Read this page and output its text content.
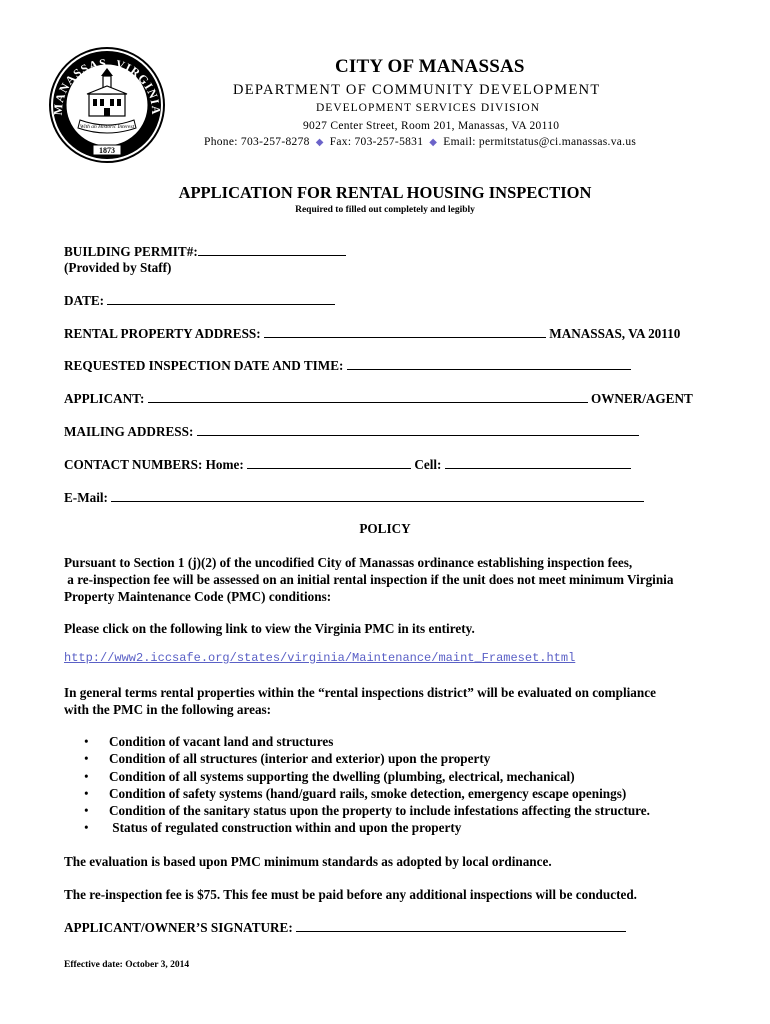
MANASSAS, VIRGINIA
With an Historic Interest
★	★
1873
CITY OF MANASSAS
DEPARTMENT OF COMMUNITY DEVELOPMENT
DEVELOPMENT SERVICES DIVISION
9027 Center Street, Room 201, Manassas, VA 20110
Phone: 703-257-8278 ◆ Fax: 703-257-5831 ◆ Email: permitstatus@ci.manassas.va.us
APPLICATION FOR RENTAL HOUSING INSPECTION
Required to filled out completely and legibly
BUILDING PERMIT#:
(Provided by Staff)
DATE:
RENTAL PROPERTY ADDRESS:	MANASSAS, VA 20110
REQUESTED INSPECTION DATE AND TIME:
APPLICANT:	OWNER/AGENT
MAILING ADDRESS:
CONTACT NUMBERS: Home:	Cell:
E-Mail:
POLICY
Pursuant to Section 1 (j)(2) of the uncodified City of Manassas ordinance establishing inspection fees,
a re-inspection fee will be assessed on an initial rental inspection if the unit does not meet minimum Virginia
Property Maintenance Code (PMC) conditions:
Please click on the following link to view the Virginia PMC in its entirety.
http://www2.iccsafe.org/states/virginia/Maintenance/maint_Frameset.html
In general terms rental properties within the “rental inspections district” will be evaluated on compliance
with the PMC in the following areas:
• Condition of vacant land and structures
• Condition of all structures (interior and exterior) upon the property
• Condition of all systems supporting the dwelling (plumbing, electrical, mechanical)
• Condition of safety systems (hand/guard rails, smoke detection, emergency escape openings)
• Condition of the sanitary status upon the property to include infestations affecting the structure.
•  Status of regulated construction within and upon the property
The evaluation is based upon PMC minimum standards as adopted by local ordinance.
The re-inspection fee is $75. This fee must be paid before any additional inspections will be conducted.
APPLICANT/OWNER’S SIGNATURE:
Effective date: October 3, 2014
